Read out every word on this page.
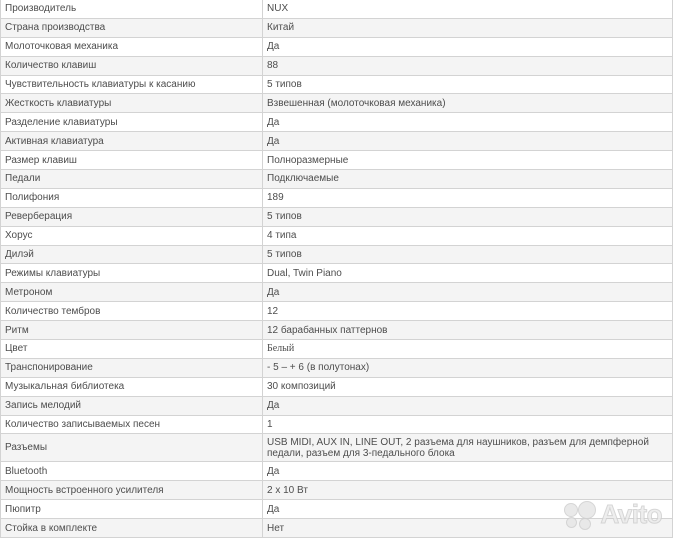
Производитель	NUX
Страна производства	Китай
Молоточковая механика	Да
Количество клавиш	88
Чувствительность клавиатуры к касанию	5 типов
Жесткость клавиатуры	Взвешенная (молоточковая механика)
Разделение клавиатуры	Да
Активная клавиатура	Да
Размер клавиш	Полноразмерные
Педали	Подключаемые
Полифония	189
Реверберация	5 типов
Хорус	4 типа
Дилэй	5 типов
Режимы клавиатуры	Dual, Twin Piano
Метроном	Да
Количество тембров	12
Ритм	12 барабанных паттернов
Цвет	Белый
Транспонирование	- 5 – + 6 (в полутонах)
Музыкальная библиотека	30 композиций
Запись мелодий	Да
Количество записываемых песен	1
Разъемы	USB MIDI, AUX IN, LINE OUT, 2 разъема для наушников, разъем для демпферной педали, разъем для 3-педального блока
Bluetooth	Да
Мощность встроенного усилителя	2 х 10 Вт
Пюпитр	Да
Стойка в комплекте	Нет	Avito
